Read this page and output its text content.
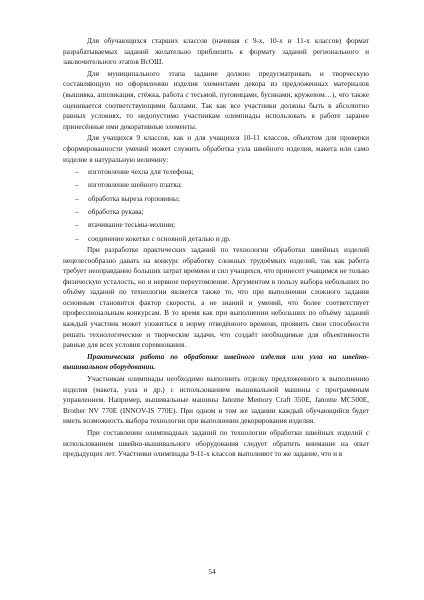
Для обучающихся старших классов (начиная с 9-х, 10-х и 11-х классов) формат разрабатываемых заданий желательно приблизить к формату заданий регионального и заключительного этапов ВсОШ.

Для муниципального этапа задание должно предусматривать и творческую составляющую по оформлению изделия элементами декора из предложенных материалов (вышивка, аппликация, стёжка, работа с тесьмой, пуговицами, бусинами, кружевом…), что также оценивается соответствующими баллами. Так как все участники должны быть в абсолютно равных условиях, то недопустимо участникам олимпиады использовать в работе заранее принесённые ими декоративные элементы.

Для учащихся 9 классов, как и для учащихся 10-11 классов, объектом для проверки сформированности умений может служить обработка узла швейного изделия, макета или само изделие в натуральную величину:

– изготовление чехла для телефона;
– изготовление шейного платка;
– обработка выреза горловины;
– обработка рукава;
– втачивание тесьмы-молнии;
– соединение кокетки с основной деталью и др.

При разработке практических заданий по технологии обработки швейных изделий нецелесообразно давать на конкурс обработку сложных трудоёмких изделий, так как работа требует неоправданно больших затрат времени и сил учащихся, что принесет учащимся не только физическую усталость, но и нервное переутомление. Аргументом в пользу выбора небольших по объёму заданий по технологии является также то, что при выполнении сложного задания основным становится фактор скорости, а не знаний и умений, что более соответствует профессиональным конкурсам. В то время как при выполнении небольших по объёму заданий каждый участник может уложиться в норму отведённого времени, проявить свои способности решать технологические и творческие задачи, что создаёт необходимые для объективности равные для всех условия соревнования.

Практическая работа по обработке швейного изделия или узла на швейно-вышивальном оборудовании.

Участникам олимпиады необходимо выполнить отделку предложенного к выполнению изделия (макета, узла и др.) с использованием вышивальной машины с программным управлением. Например, вышивальные машины Janome Memory Craft 350E, Janome MC500E, Brother NV 770E (INNOV-IS 770E). При одном и том же задании каждый обучающийся будет иметь возможность выбора технологии при выполнении декорирования изделия.

При составлении олимпиадных заданий по технологии обработки швейных изделий с использованием швейно-вышивального оборудования следует обратить внимание на опыт предыдущих лет. Участники олимпиады 9-11-х классов выполняют то же задание, что и в

54
